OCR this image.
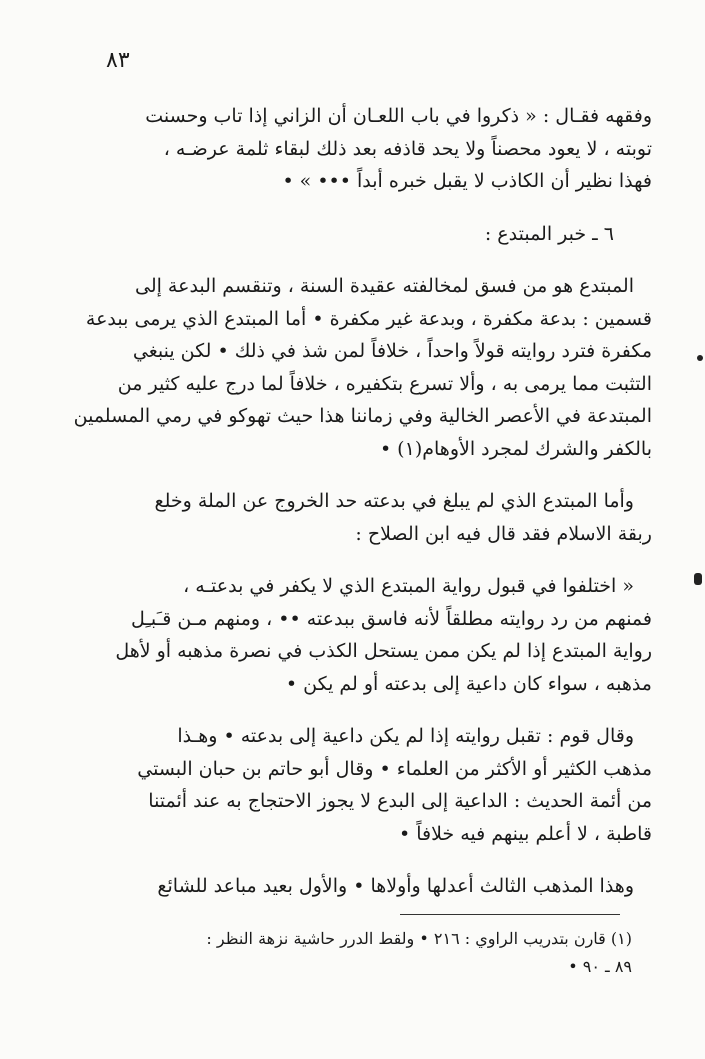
٨٣

وفقهه فقـال : « ذكروا في باب اللعـان أن الزاني إذا تاب وحسنت

توبته ، لا يعود محصناً ولا يحد قاذفه بعد ذلك لبقاء ثلمة عرضـه ،

فهذا نظير أن الكاذب لا يقبل خبره أبداً ••• » •

٦ ـ خبر المبتدع :

المبتدع هو من فسق لمخالفته عقيدة السنة ، وتنقسم البدعة إلى

قسمين : بدعة مكفرة ، وبدعة غير مكفرة • أما المبتدع الذي يرمى ببدعة

مكفرة فترد روايته قولاً واحداً ، خلافاً لمن شذ في ذلك • لكن ينبغي

التثبت مما يرمى به ، وألا تسرع بتكفيره ، خلافاً لما درج عليه كثير من

المبتدعة في الأعصر الخالية وفي زماننا هذا حيث تهوكو في رمي المسلمين

بالكفر والشرك لمجرد الأوهام(١) •

وأما المبتدع الذي لم يبلغ في بدعته حد الخروج عن الملة وخلع

ربقة الاسلام فقد قال فيه ابن الصلاح :

« اختلفوا في قبول رواية المبتدع الذي لا يكفر في بدعتـه ،

فمنهم من رد روايته مطلقاً لأنه فاسق ببدعته •• ، ومنهم مـن قـَبـِل

رواية المبتدع إذا لم يكن ممن يستحل الكذب في نصرة مذهبه أو لأهل

مذهبه ، سواء كان داعية إلى بدعته أو لم يكن •

وقال قوم : تقبل روايته إذا لم يكن داعية إلى بدعته • وهـذا

مذهب الكثير أو الأكثر من العلماء • وقال أبو حاتم بن حبان البستي

من أئمة الحديث : الداعية إلى البدع لا يجوز الاحتجاج به عند أئمتنا

قاطبة ، لا أعلم بينهم فيه خلافاً •

وهذا المذهب الثالث أعدلها وأولاها • والأول بعيد مباعد للشائع

(١) قارن بتدريب الراوي : ٢١٦ • ولقط الدرر حاشية نزهة النظر :

٨٩ ـ ٩٠ •
